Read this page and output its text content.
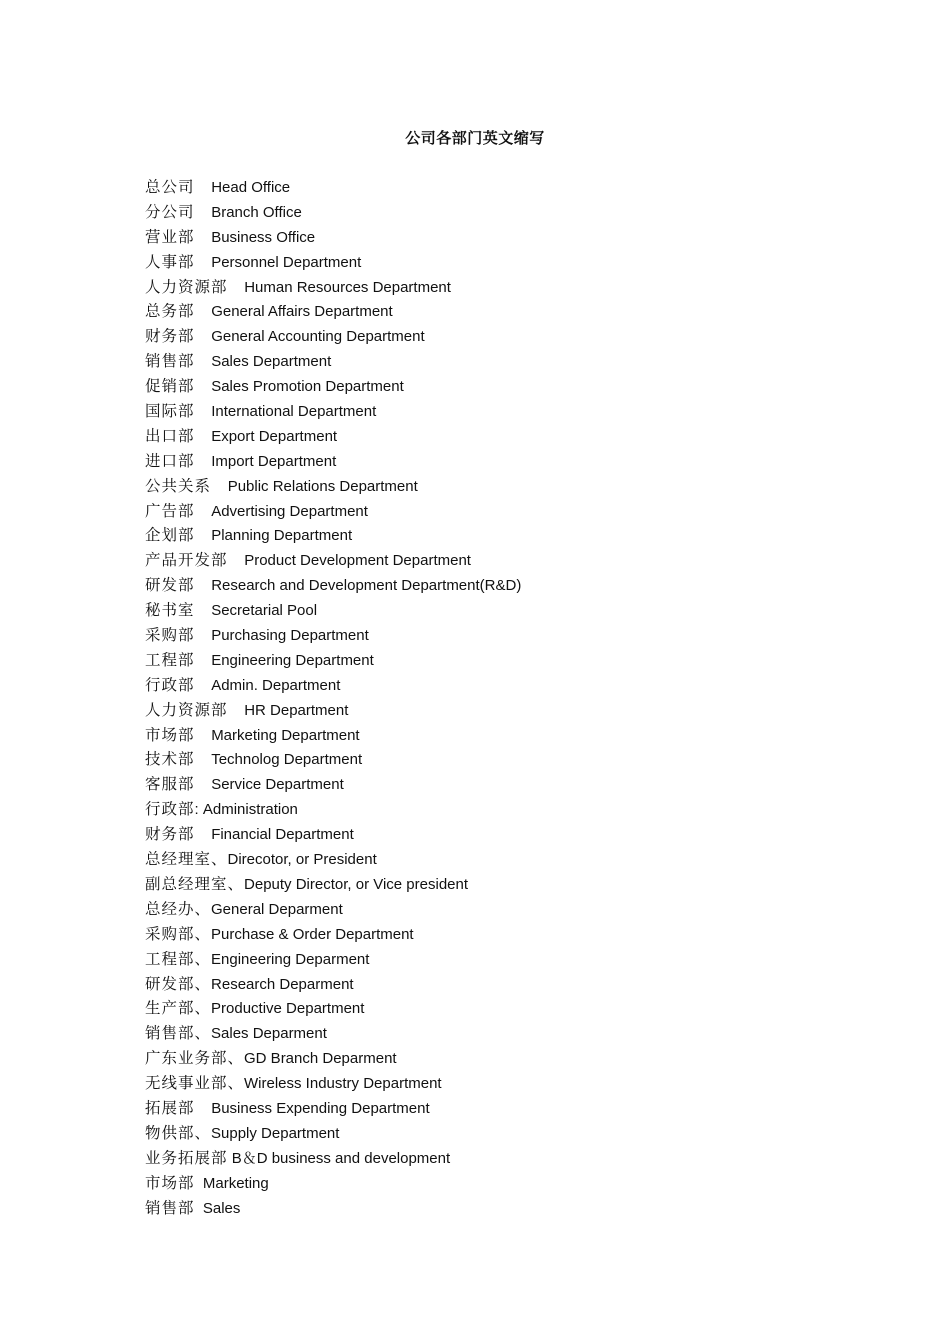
公司各部门英文缩写
总公司 Head Office
分公司 Branch Office
营业部 Business Office
人事部 Personnel Department
人力资源部 Human Resources Department
总务部 General Affairs Department
财务部 General Accounting Department
销售部 Sales Department
促销部 Sales Promotion Department
国际部 International Department
出口部 Export Department
进口部 Import Department
公共关系 Public Relations Department
广告部 Advertising Department
企划部 Planning Department
产品开发部 Product Development Department
研发部 Research and Development Department(R&D)
秘书室 Secretarial Pool
采购部 Purchasing Department
工程部 Engineering Department
行政部 Admin. Department
人力资源部 HR Department
市场部 Marketing Department
技术部 Technolog Department
客服部 Service Department
行政部: Administration
财务部 Financial Department
总经理室、Direcotor, or President
副总经理室、Deputy Director, or Vice president
总经办、General Deparment
采购部、Purchase & Order Department
工程部、Engineering Deparment
研发部、Research Deparment
生产部、Productive Department
销售部、Sales Deparment
广东业务部、GD Branch Deparment
无线事业部、Wireless Industry Department
拓展部 Business Expending Department
物供部、Supply Department
业务拓展部 B＆D business and development
市场部 Marketing
销售部 Sales
